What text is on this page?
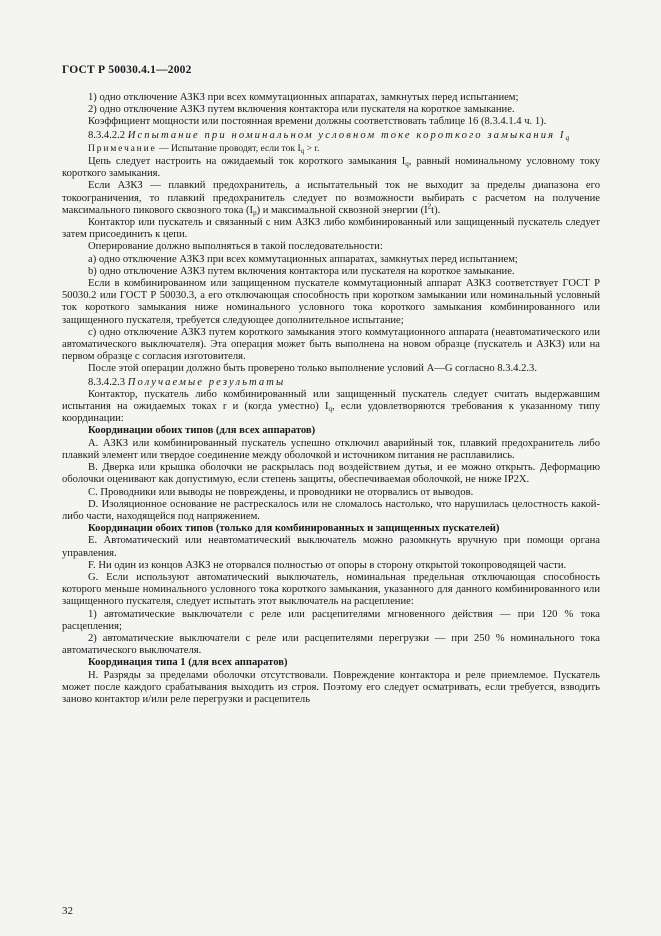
ГОСТ Р 50030.4.1—2002

1) одно отключение АЗКЗ при всех коммутационных аппаратах, замкнутых перед испытанием;

2) одно отключение АЗКЗ путем включения контактора или пускателя на короткое замыкание.

Коэффициент мощности или постоянная времени должны соответствовать таблице 16 (8.3.4.1.4 ч. 1).

8.3.4.2.2 Испытание при номинальном условном токе короткого замыкания $I_q$

Примечание — Испытание проводят, если ток $I_q > r$.

Цепь следует настроить на ожидаемый ток короткого замыкания $I_q$, равный номинальному условному току короткого замыкания.

Если АЗКЗ — плавкий предохранитель, а испытательный ток не выходит за пределы диапазона его токоограничения, то плавкий предохранитель следует по возможности выбирать с расчетом на получение максимального пикового сквозного тока $(I_p)$ и максимальной сквозной энергии $(I^2t)$.

Контактор или пускатель и связанный с ним АЗКЗ либо комбинированный или защищенный пускатель следует затем присоединить к цепи.

Оперирование должно выполняться в такой последовательности:

a) одно отключение АЗКЗ при всех коммутационных аппаратах, замкнутых перед испытанием;

b) одно отключение АЗКЗ путем включения контактора или пускателя на короткое замыкание.

Если в комбинированном или защищенном пускателе коммутационный аппарат АЗКЗ соответствует ГОСТ Р 50030.2 или ГОСТ Р 50030.3, а его отключающая способность при коротком замыкании или номинальный условный ток короткого замыкания ниже номинального условного тока короткого замыкания комбинированного или защищенного пускателя, требуется следующее дополнительное испытание;

c) одно отключение АЗКЗ путем короткого замыкания этого коммутационного аппарата (неавтоматического или автоматического выключателя). Эта операция может быть выполнена на новом образце (пускатель и АЗКЗ) или на первом образце с согласия изготовителя.

После этой операции должно быть проверено только выполнение условий A—G согласно 8.3.4.2.3.

8.3.4.2.3 Получаемые результаты

Контактор, пускатель либо комбинированный или защищенный пускатель следует считать выдержавшим испытания на ожидаемых токах r и (когда уместно) $I_q$, если удовлетворяются требования к указанному типу координации:

Координации обоих типов (для всех аппаратов)

A. АЗКЗ или комбинированный пускатель успешно отключил аварийный ток, плавкий предохранитель либо плавкий элемент или твердое соединение между оболочкой и источником питания не расплавились.

B. Дверка или крышка оболочки не раскрылась под воздействием дутья, и ее можно открыть. Деформацию оболочки оценивают как допустимую, если степень защиты, обеспечиваемая оболочкой, не ниже IP2X.

C. Проводники или выводы не повреждены, и проводники не оторвались от выводов.

D. Изоляционное основание не растрескалось или не сломалось настолько, что нарушилась целостность какой-либо части, находящейся под напряжением.

Координации обоих типов (только для комбинированных и защищенных пускателей)

E. Автоматический или неавтоматический выключатель можно разомкнуть вручную при помощи органа управления.

F. Ни один из концов АЗКЗ не оторвался полностью от опоры в сторону открытой токопроводящей части.

G. Если используют автоматический выключатель, номинальная предельная отключающая способность которого меньше номинального условного тока короткого замыкания, указанного для данного комбинированного или защищенного пускателя, следует испытать этот выключатель на расцепление:

1) автоматические выключатели с реле или расцепителями мгновенного действия — при 120 % тока расцепления;

2) автоматические выключатели с реле или расцепителями перегрузки — при 250 % номинального тока автоматического выключателя.

Координация типа 1 (для всех аппаратов)

H. Разряды за пределами оболочки отсутствовали. Повреждение контактора и реле приемлемое. Пускатель может после каждого срабатывания выходить из строя. Поэтому его следует осматривать, если требуется, взводить заново контактор и/или реле перегрузки и расцепитель

32
